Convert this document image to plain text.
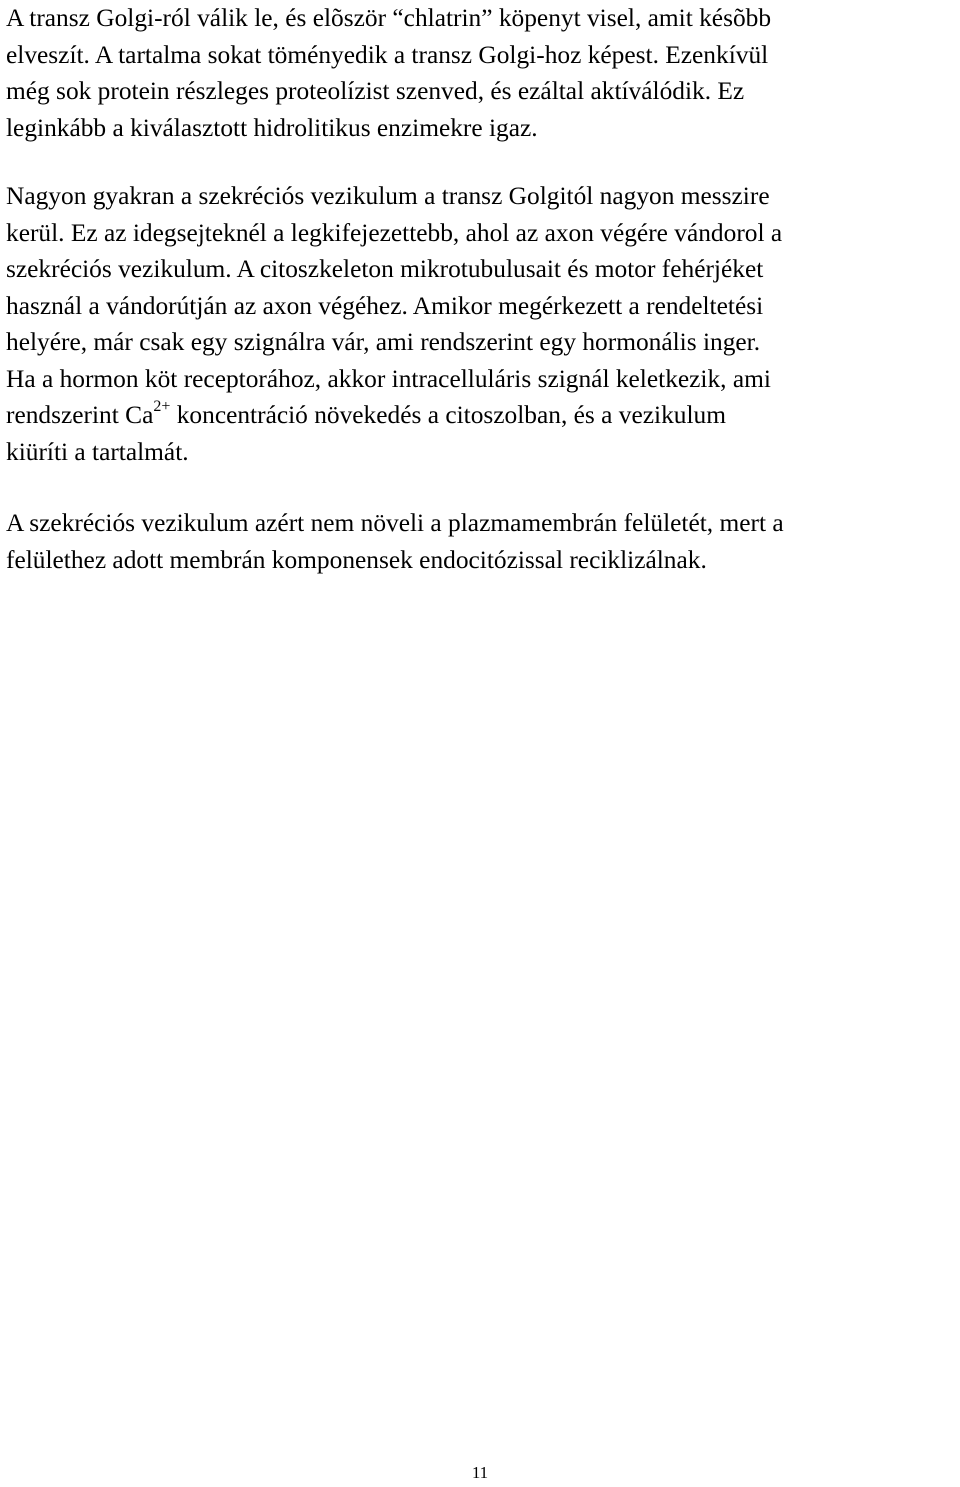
A transz Golgi-ról válik le, és elõször “chlatrin” köpenyt visel, amit késõbb
elveszít. A tartalma sokat töményedik a transz Golgi-hoz képest. Ezenkívül
még sok protein részleges proteolízist szenved, és ezáltal aktíválódik. Ez
leginkább a kiválasztott hidrolitikus enzimekre igaz.

Nagyon gyakran a szekréciós vezikulum a transz Golgitól nagyon messzire
kerül. Ez az idegsejteknél a legkifejezettebb, ahol az axon végére vándorol a
szekréciós vezikulum. A citoszkeleton mikrotubulusait és motor fehérjéket
használ a vándorútján az axon végéhez. Amikor megérkezett a rendeltetési
helyére, már csak egy szignálra vár, ami rendszerint egy hormonális inger.
Ha a hormon köt receptorához, akkor intracelluláris szignál keletkezik, ami
rendszerint $Ca^{2+}$ koncentráció növekedés a citoszolban, és a vezikulum
kiüríti a tartalmát.

A szekréciós vezikulum azért nem növeli a plazmamembrán felületét, mert a
felülethez adott membrán komponensek endocitózissal reciklizálnak.

11
